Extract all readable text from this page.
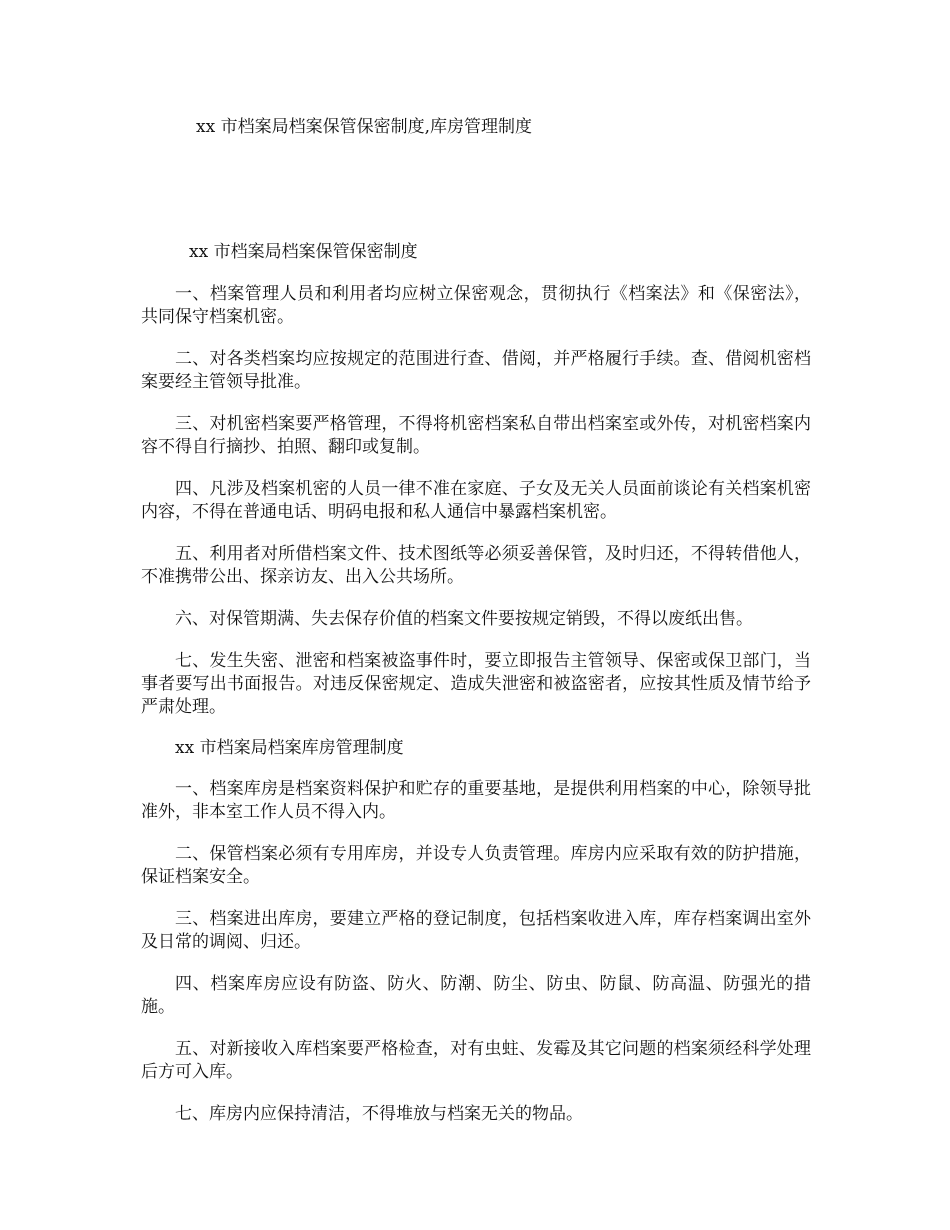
xx 市档案局档案保管保密制度,库房管理制度

xx 市档案局档案保管保密制度

一、档案管理人员和利用者均应树立保密观念，贯彻执行《档案法》和《保密法》，共同保守档案机密。

二、对各类档案均应按规定的范围进行查、借阅，并严格履行手续。查、借阅机密档案要经主管领导批准。

三、对机密档案要严格管理，不得将机密档案私自带出档案室或外传，对机密档案内容不得自行摘抄、拍照、翻印或复制。

四、凡涉及档案机密的人员一律不准在家庭、子女及无关人员面前谈论有关档案机密内容，不得在普通电话、明码电报和私人通信中暴露档案机密。

五、利用者对所借档案文件、技术图纸等必须妥善保管，及时归还，不得转借他人，不准携带公出、探亲访友、出入公共场所。

六、对保管期满、失去保存价值的档案文件要按规定销毁，不得以废纸出售。

七、发生失密、泄密和档案被盗事件时，要立即报告主管领导、保密或保卫部门，当事者要写出书面报告。对违反保密规定、造成失泄密和被盗密者，应按其性质及情节给予严肃处理。

xx 市档案局档案库房管理制度

一、档案库房是档案资料保护和贮存的重要基地，是提供利用档案的中心，除领导批准外，非本室工作人员不得入内。

二、保管档案必须有专用库房，并设专人负责管理。库房内应采取有效的防护措施，保证档案安全。

三、档案进出库房，要建立严格的登记制度，包括档案收进入库，库存档案调出室外及日常的调阅、归还。

四、档案库房应设有防盗、防火、防潮、防尘、防虫、防鼠、防高温、防强光的措施。

五、对新接收入库档案要严格检查，对有虫蛀、发霉及其它问题的档案须经科学处理后方可入库。

七、库房内应保持清洁，不得堆放与档案无关的物品。
